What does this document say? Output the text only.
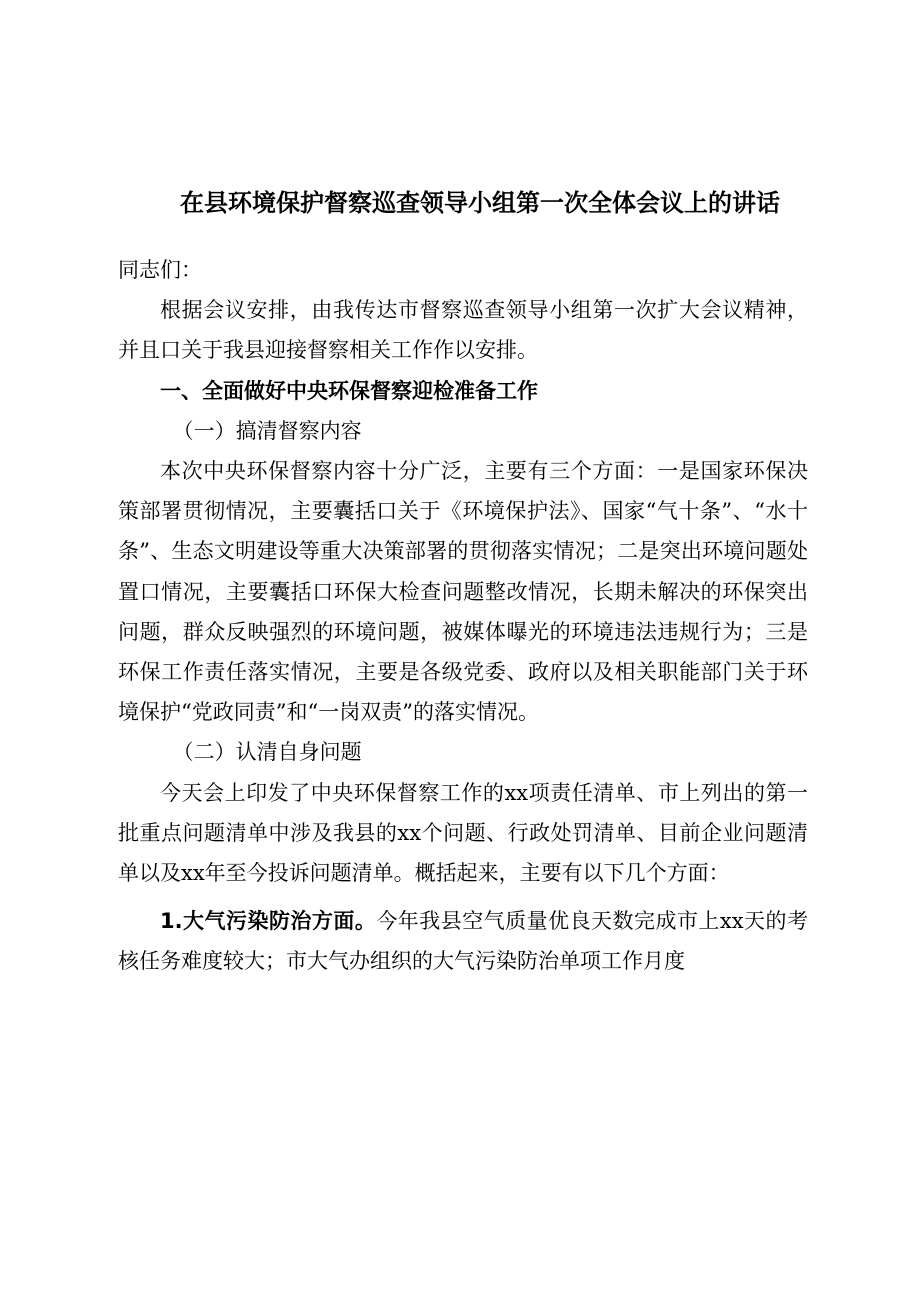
在县环境保护督察巡查领导小组第一次全体会议上的讲话

同志们：

根据会议安排，由我传达市督察巡查领导小组第一次扩大会议精神，并且口关于我县迎接督察相关工作作以安排。

一、全面做好中央环保督察迎检准备工作

（一）搞清督察内容

本次中央环保督察内容十分广泛，主要有三个方面：一是国家环保决策部署贯彻情况，主要囊括口关于《环境保护法》、国家“气十条”、“水十条”、生态文明建设等重大决策部署的贯彻落实情况；二是突出环境问题处置口情况，主要囊括口环保大检查问题整改情况，长期未解决的环保突出问题，群众反映强烈的环境问题，被媒体曝光的环境违法违规行为；三是环保工作责任落实情况，主要是各级党委、政府以及相关职能部门关于环境保护“党政同责”和“一岗双责”的落实情况。

（二）认清自身问题

今天会上印发了中央环保督察工作的xx项责任清单、市上列出的第一批重点问题清单中涉及我县的xx个问题、行政处罚清单、目前企业问题清单以及xx年至今投诉问题清单。概括起来，主要有以下几个方面：

1.大气污染防治方面。今年我县空气质量优良天数完成市上xx天的考核任务难度较大；市大气办组织的大气污染防治单项工作月度
